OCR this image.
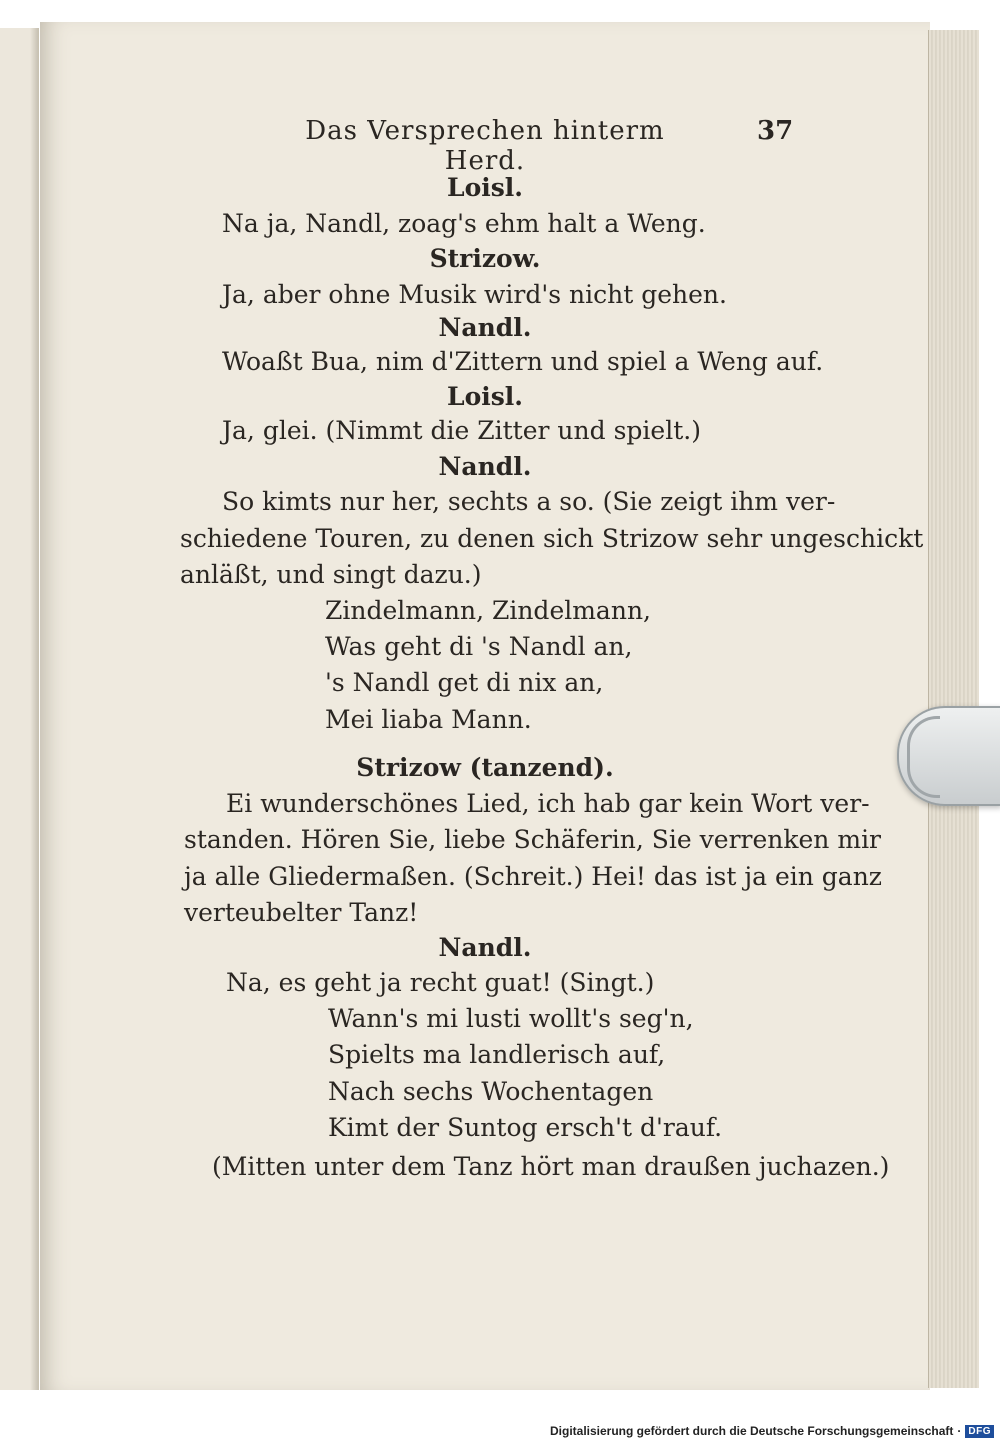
Das Versprechen hinterm Herd.
37
Loisl.
Na ja, Nandl, zoag's ehm halt a Weng.
Strizow.
Ja, aber ohne Musik wird's nicht gehen.
Nandl.
Woaßt Bua, nim d'Zittern und spiel a Weng auf.
Loisl.
Ja, glei. (Nimmt die Zitter und spielt.)
Nandl.
So kimts nur her, sechts a so. (Sie zeigt ihm ver-
schiedene Touren, zu denen sich Strizow sehr ungeschickt
anläßt, und singt dazu.)
Zindelmann, Zindelmann,
Was geht di 's Nandl an,
's Nandl get di nix an,
Mei liaba Mann.
Strizow (tanzend).
Ei wunderschönes Lied, ich hab gar kein Wort ver-
standen. Hören Sie, liebe Schäferin, Sie verrenken mir
ja alle Gliedermaßen. (Schreit.) Hei! das ist ja ein ganz
verteubelter Tanz!
Nandl.
Na, es geht ja recht guat! (Singt.)
Wann's mi lusti wollt's seg'n,
Spielts ma landlerisch auf,
Nach sechs Wochentagen
Kimt der Suntog ersch't d'rauf.
(Mitten unter dem Tanz hört man draußen juchazen.)
Digitalisierung gefördert durch die Deutsche Forschungsgemeinschaft · DFG
